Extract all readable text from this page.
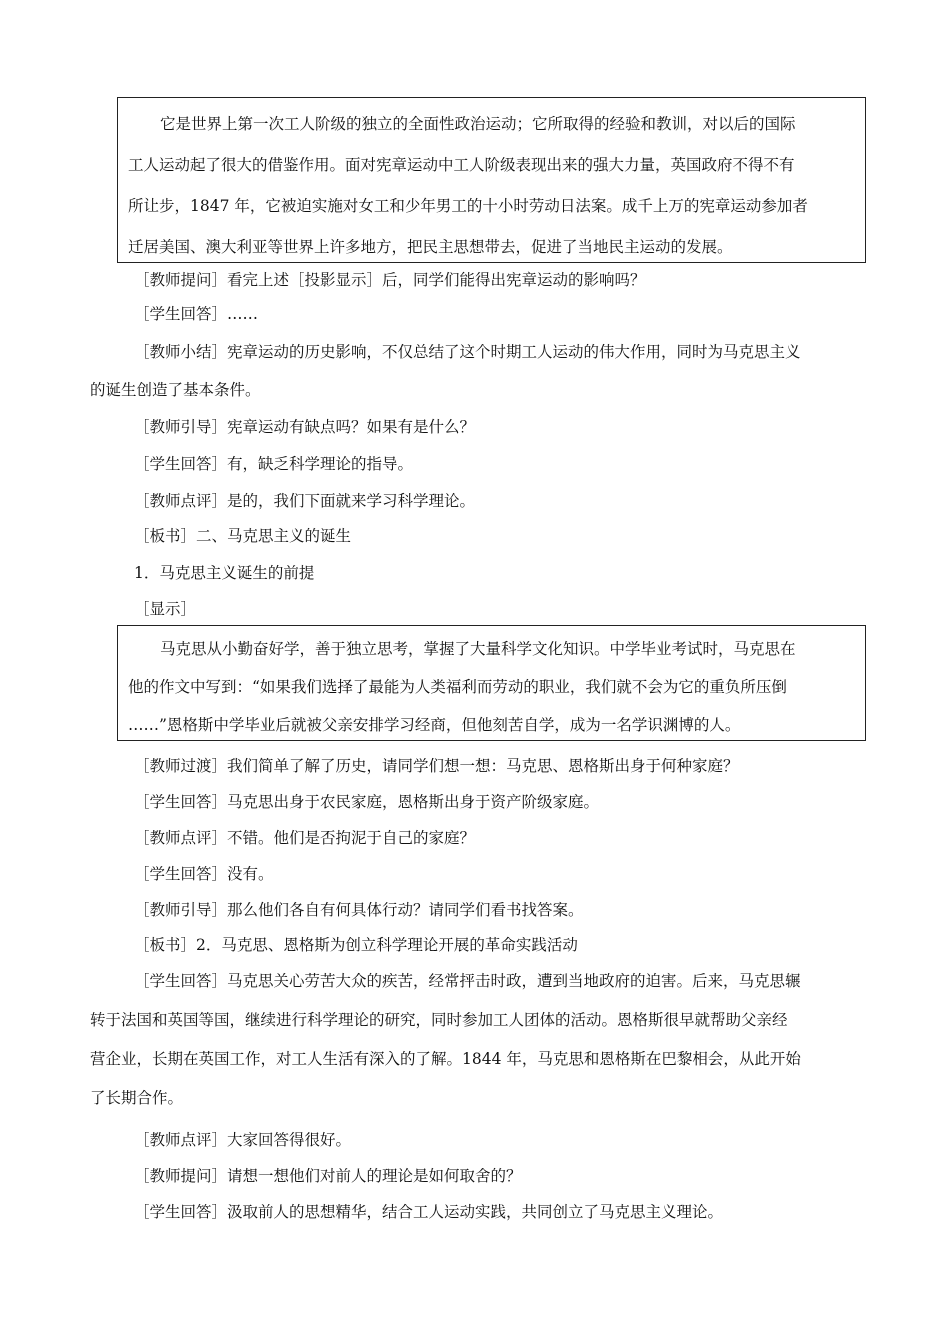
它是世界上第一次工人阶级的独立的全面性政治运动；它所取得的经验和教训，对以后的国际

工人运动起了很大的借鉴作用。面对宪章运动中工人阶级表现出来的强大力量，英国政府不得不有

所让步，1847 年，它被迫实施对女工和少年男工的十小时劳动日法案。成千上万的宪章运动参加者

迁居美国、澳大利亚等世界上许多地方，把民主思想带去，促进了当地民主运动的发展。

［教师提问］看完上述［投影显示］后，同学们能得出宪章运动的影响吗？

［学生回答］……

［教师小结］宪章运动的历史影响，不仅总结了这个时期工人运动的伟大作用，同时为马克思主义

的诞生创造了基本条件。

［教师引导］宪章运动有缺点吗？如果有是什么？

［学生回答］有，缺乏科学理论的指导。

［教师点评］是的，我们下面就来学习科学理论。

［板书］二、马克思主义的诞生

1．马克思主义诞生的前提

［显示］

马克思从小勤奋好学，善于独立思考，掌握了大量科学文化知识。中学毕业考试时，马克思在

他的作文中写到：“如果我们选择了最能为人类福利而劳动的职业，我们就不会为它的重负所压倒

……”恩格斯中学毕业后就被父亲安排学习经商，但他刻苦自学，成为一名学识渊博的人。

［教师过渡］我们简单了解了历史，请同学们想一想：马克思、恩格斯出身于何种家庭？

［学生回答］马克思出身于农民家庭，恩格斯出身于资产阶级家庭。

［教师点评］不错。他们是否拘泥于自己的家庭？

［学生回答］没有。

［教师引导］那么他们各自有何具体行动？请同学们看书找答案。

［板书］2．马克思、恩格斯为创立科学理论开展的革命实践活动

［学生回答］马克思关心劳苦大众的疾苦，经常抨击时政，遭到当地政府的迫害。后来，马克思辗

转于法国和英国等国，继续进行科学理论的研究，同时参加工人团体的活动。恩格斯很早就帮助父亲经

营企业，长期在英国工作，对工人生活有深入的了解。1844 年，马克思和恩格斯在巴黎相会，从此开始

了长期合作。

［教师点评］大家回答得很好。

［教师提问］请想一想他们对前人的理论是如何取舍的？

［学生回答］汲取前人的思想精华，结合工人运动实践，共同创立了马克思主义理论。
